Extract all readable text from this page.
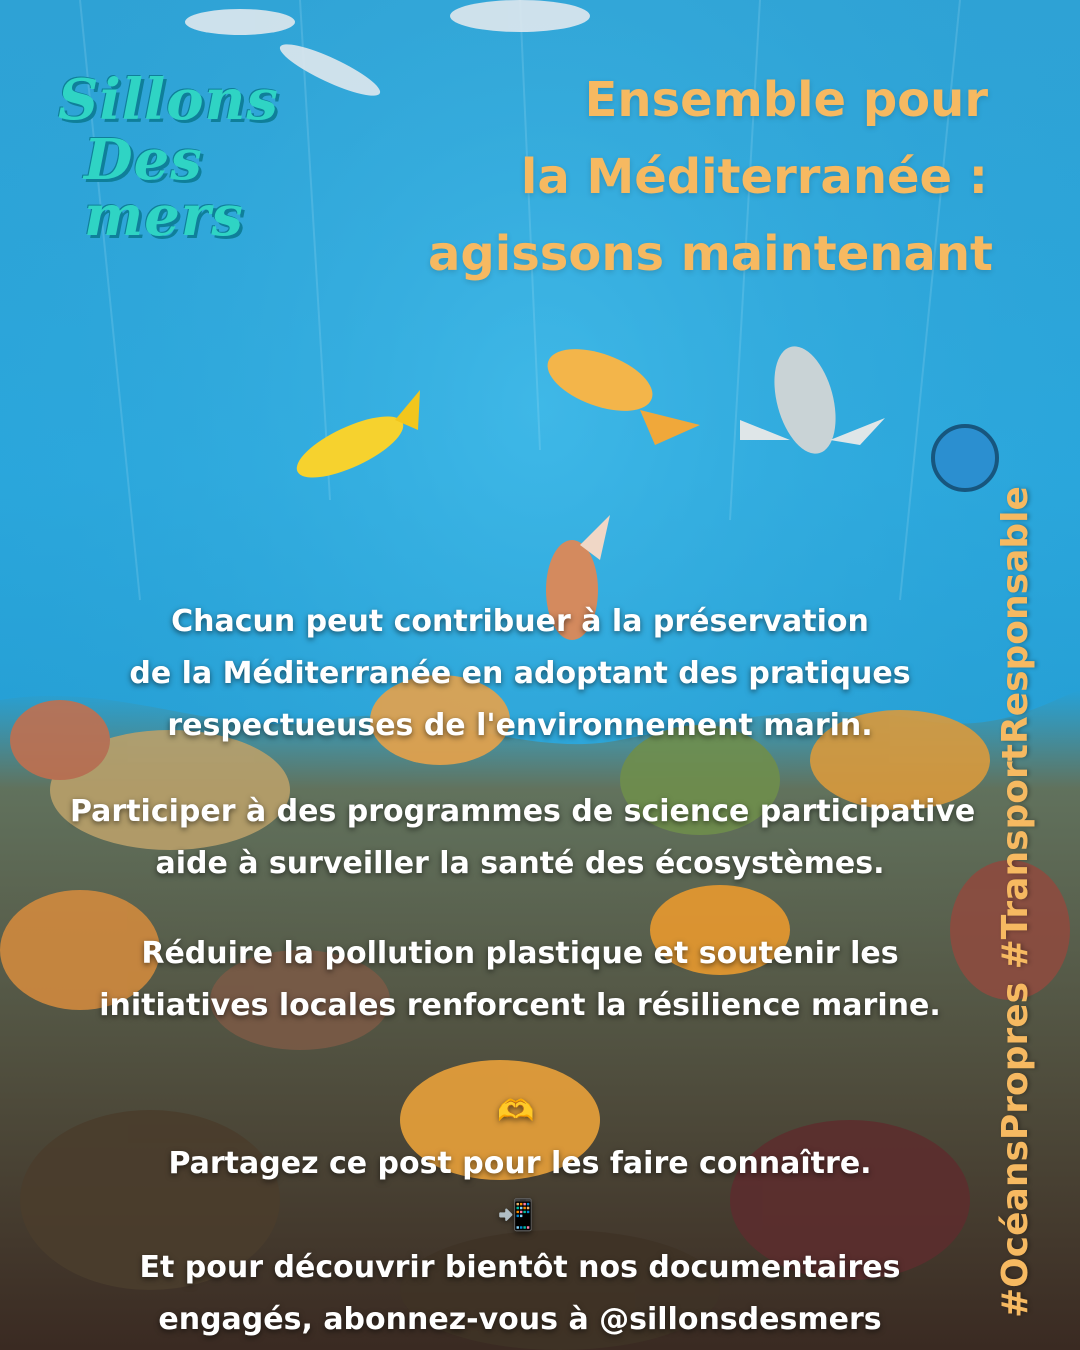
Sillons
Des mers
Ensemble pour
la Méditerranée :
agissons maintenant
Chacun peut contribuer à la préservation
de la Méditerranée en adoptant des pratiques
respectueuses de l'environnement marin.
Participer à des programmes de science participative
aide à surveiller la santé des écosystèmes.
Réduire la pollution plastique et soutenir les
initiatives locales renforcent la résilience marine.
🫶
Partagez ce post pour les faire connaître.
📲
Et pour découvrir bientôt nos documentaires
engagés, abonnez-vous à @sillonsdesmers
#OcéansPropres #TransportResponsable
